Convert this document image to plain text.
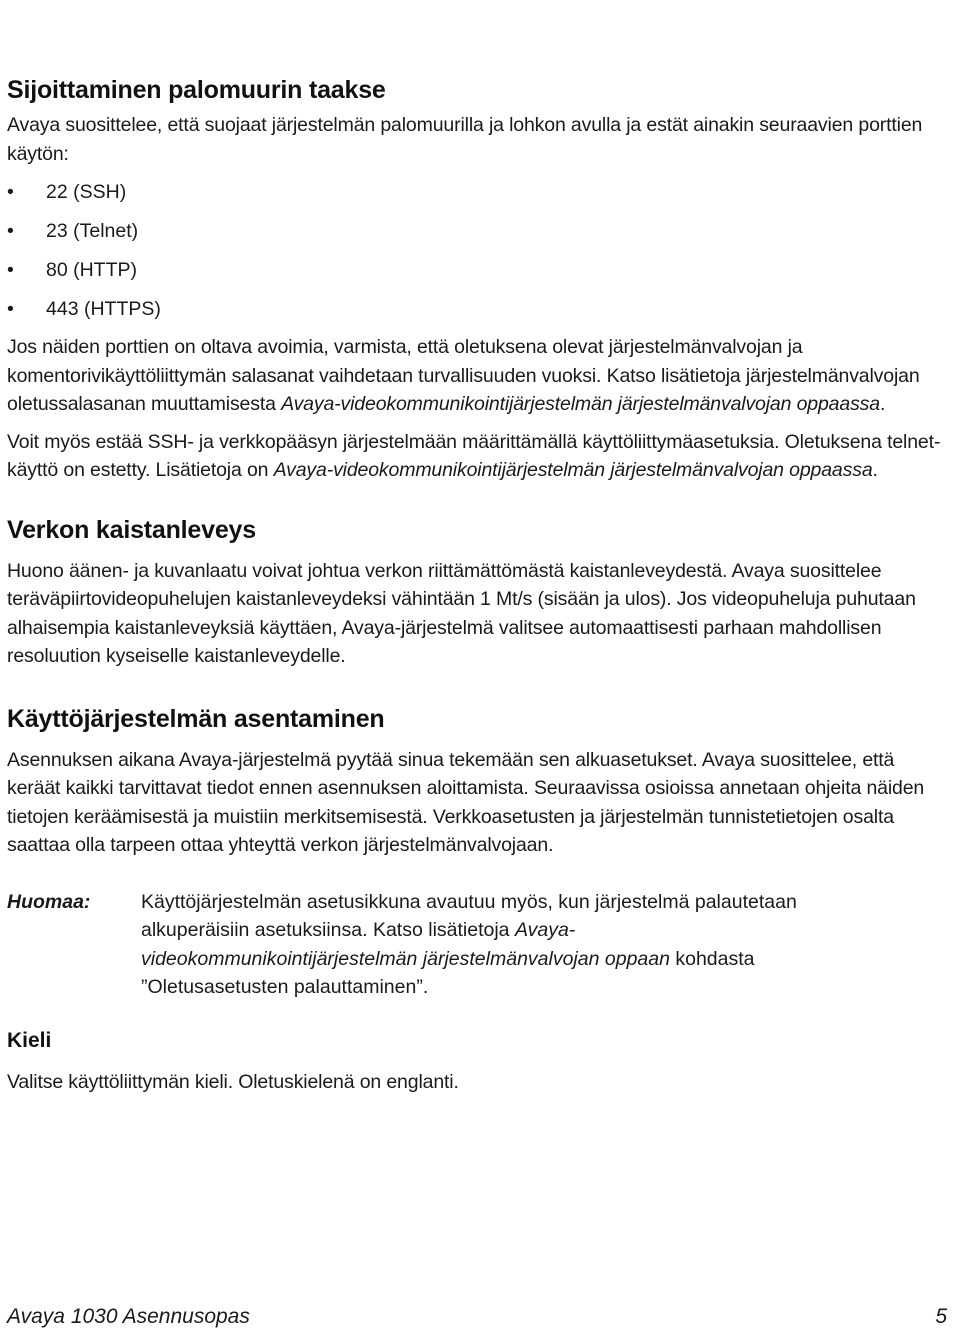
Sijoittaminen palomuurin taakse

Avaya suosittelee, että suojaat järjestelmän palomuurilla ja lohkon avulla ja estät ainakin seuraavien porttien käytön:

• 22 (SSH)
• 23 (Telnet)
• 80 (HTTP)
• 443 (HTTPS)

Jos näiden porttien on oltava avoimia, varmista, että oletuksena olevat järjestelmänvalvojan ja komentorivikäyttöliittymän salasanat vaihdetaan turvallisuuden vuoksi. Katso lisätietoja järjestelmänvalvojan oletussalasanan muuttamisesta Avaya-videokommunikointijärjestelmän järjestelmänvalvojan oppaassa.

Voit myös estää SSH- ja verkkopääsyn järjestelmään määrittämällä käyttöliittymäasetuksia. Oletuksena telnet-käyttö on estetty. Lisätietoja on Avaya-videokommunikointijärjestelmän järjestelmänvalvojan oppaassa.

Verkon kaistanleveys

Huono äänen- ja kuvanlaatu voivat johtua verkon riittämättömästä kaistanleveydestä. Avaya suosittelee teräväpiirtovideopuhelujen kaistanleveydeksi vähintään 1 Mt/s (sisään ja ulos). Jos videopuheluja puhutaan alhaisempia kaistanleveyksiä käyttäen, Avaya-järjestelmä valitsee automaattisesti parhaan mahdollisen resoluution kyseiselle kaistanleveydelle.

Käyttöjärjestelmän asentaminen

Asennuksen aikana Avaya-järjestelmä pyytää sinua tekemään sen alkuasetukset. Avaya suosittelee, että keräät kaikki tarvittavat tiedot ennen asennuksen aloittamista. Seuraavissa osioissa annetaan ohjeita näiden tietojen keräämisestä ja muistiin merkitsemisestä. Verkkoasetusten ja järjestelmän tunnistetietojen osalta saattaa olla tarpeen ottaa yhteyttä verkon järjestelmänvalvojaan.

Huomaa:	Käyttöjärjestelmän asetusikkuna avautuu myös, kun järjestelmä palautetaan alkuperäisiin asetuksiinsa. Katso lisätietoja Avaya-videokommunikointijärjestelmän järjestelmänvalvojan oppaan kohdasta ”Oletusasetusten palauttaminen”.
Kieli

Valitse käyttöliittymän kieli. Oletuskielenä on englanti.

Avaya 1030 Asennusopas	5
